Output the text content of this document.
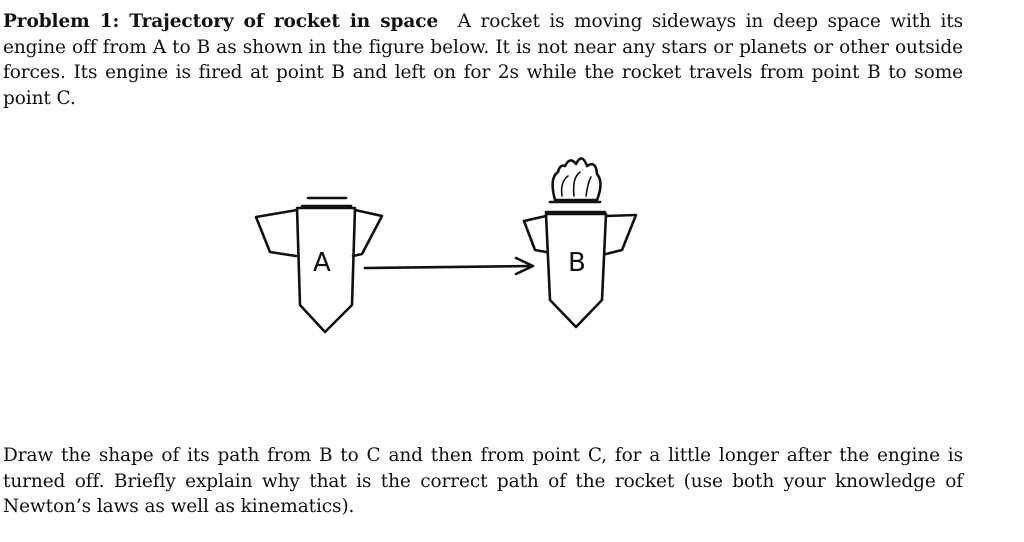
Problem 1: Trajectory of rocket in space A rocket is moving sideways in deep space with its engine off from A to B as shown in the figure below. It is not near any stars or planets or other outside forces. Its engine is fired at point B and left on for 2s while the rocket travels from point B to some point C.
A	B
Draw the shape of its path from B to C and then from point C, for a little longer after the engine is turned off. Briefly explain why that is the correct path of the rocket (use both your knowledge of Newton’s laws as well as kinematics).
